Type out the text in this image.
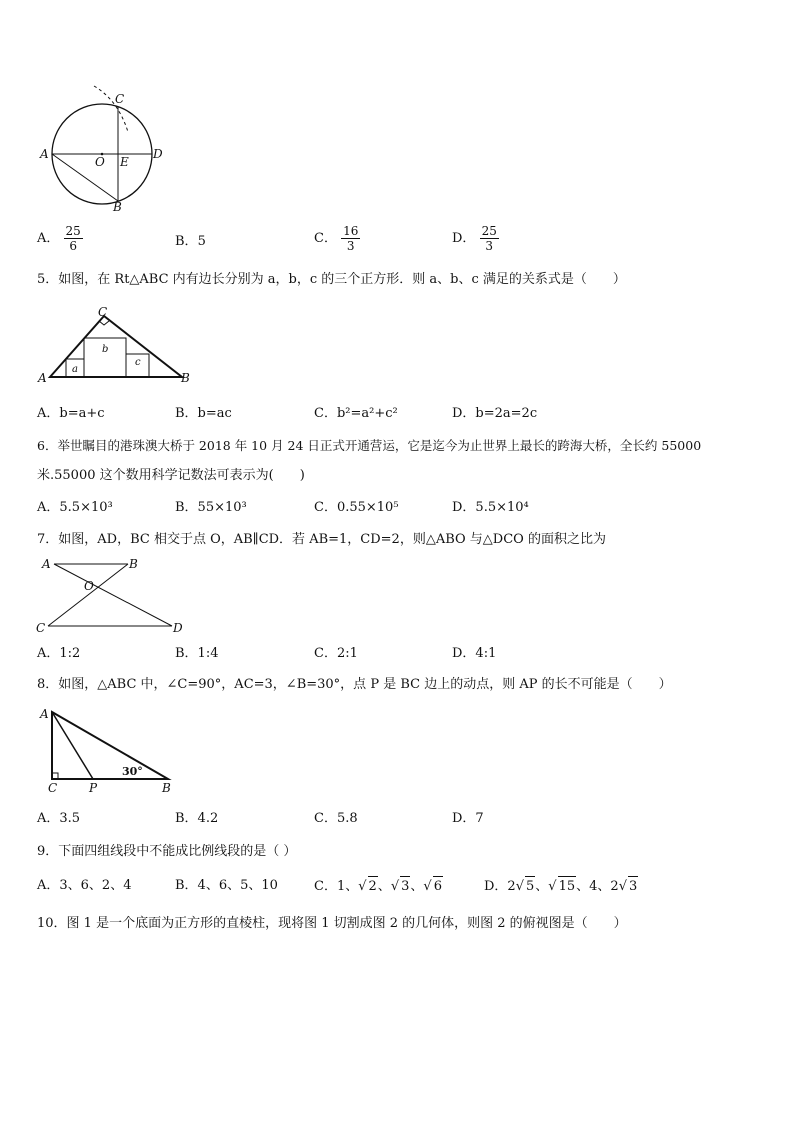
C
A
O E
D
B
A． $\frac{25}{6}$	B．5	C． $\frac{16}{3}$	D． $\frac{25}{3}$
5．如图，在 Rt△ABC 内有边长分别为 a，b，c 的三个正方形．则 a、b、c 满足的关系式是（　　）
C
A	B
a
b
c
A．b=a+c	B．b=ac	C．b²=a²+c²	D．b=2a=2c
6．举世瞩目的港珠澳大桥于 2018 年 10 月 24 日正式开通营运，它是迄今为止世界上最长的跨海大桥，全长约 55000
米.55000 这个数用科学记数法可表示为(　　)
A．5.5×10³	B．55×10³	C．0.55×10⁵	D．5.5×10⁴
7．如图，AD，BC 相交于点 O，AB∥CD．若 AB=1，CD=2，则△ABO 与△DCO 的面积之比为
A	B
O
C	D
A．1:2	B．1:4	C．2:1	D．4:1
8．如图，△ABC 中，∠C=90°，AC=3，∠B=30°，点 P 是 BC 边上的动点，则 AP 的长不可能是（　　）
A
30°
C	P	B
A．3.5	B．4.2	C．5.8	D．7
9．下面四组线段中不能成比例线段的是（ ）
A．3、6、2、4	B．4、6、5、10	C．1、√ 2、√ 3、√ 6	D．2√ 5、√ 15、4、2√ 3
10．图 1 是一个底面为正方形的直棱柱，现将图 1 切割成图 2 的几何体，则图 2 的俯视图是（　　）
